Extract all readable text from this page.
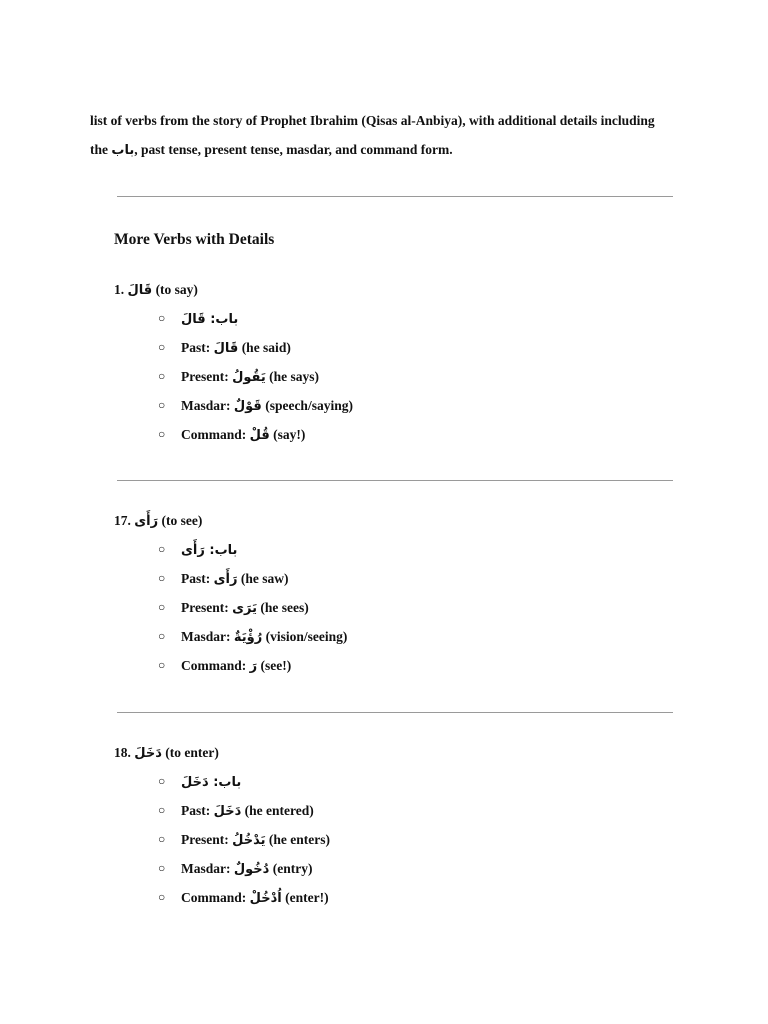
list of verbs from the story of Prophet Ibrahim (Qisas al-Anbiya), with additional details including
the باب, past tense, present tense, masdar, and command form.
More Verbs with Details
1. قَالَ (to say)
○	باب: قَالَ
○ Past: قَالَ (he said)
○ Present: يَقُولُ (he says)
○ Masdar: قَوْلٌ (speech/saying)
○ Command: قُلْ (say!)
17. رَأَى (to see)
○	باب: رَأَى
○ Past: رَأَى (he saw)
○ Present: يَرَى (he sees)
○ Masdar: رُؤْيَةٌ (vision/seeing)
○ Command: رَ (see!)
18. دَخَلَ (to enter)
○	باب: دَخَلَ
○ Past: دَخَلَ (he entered)
○ Present: يَدْخُلُ (he enters)
○ Masdar: دُخُولٌ (entry)
○ Command: اُدْخُلْ (enter!)
